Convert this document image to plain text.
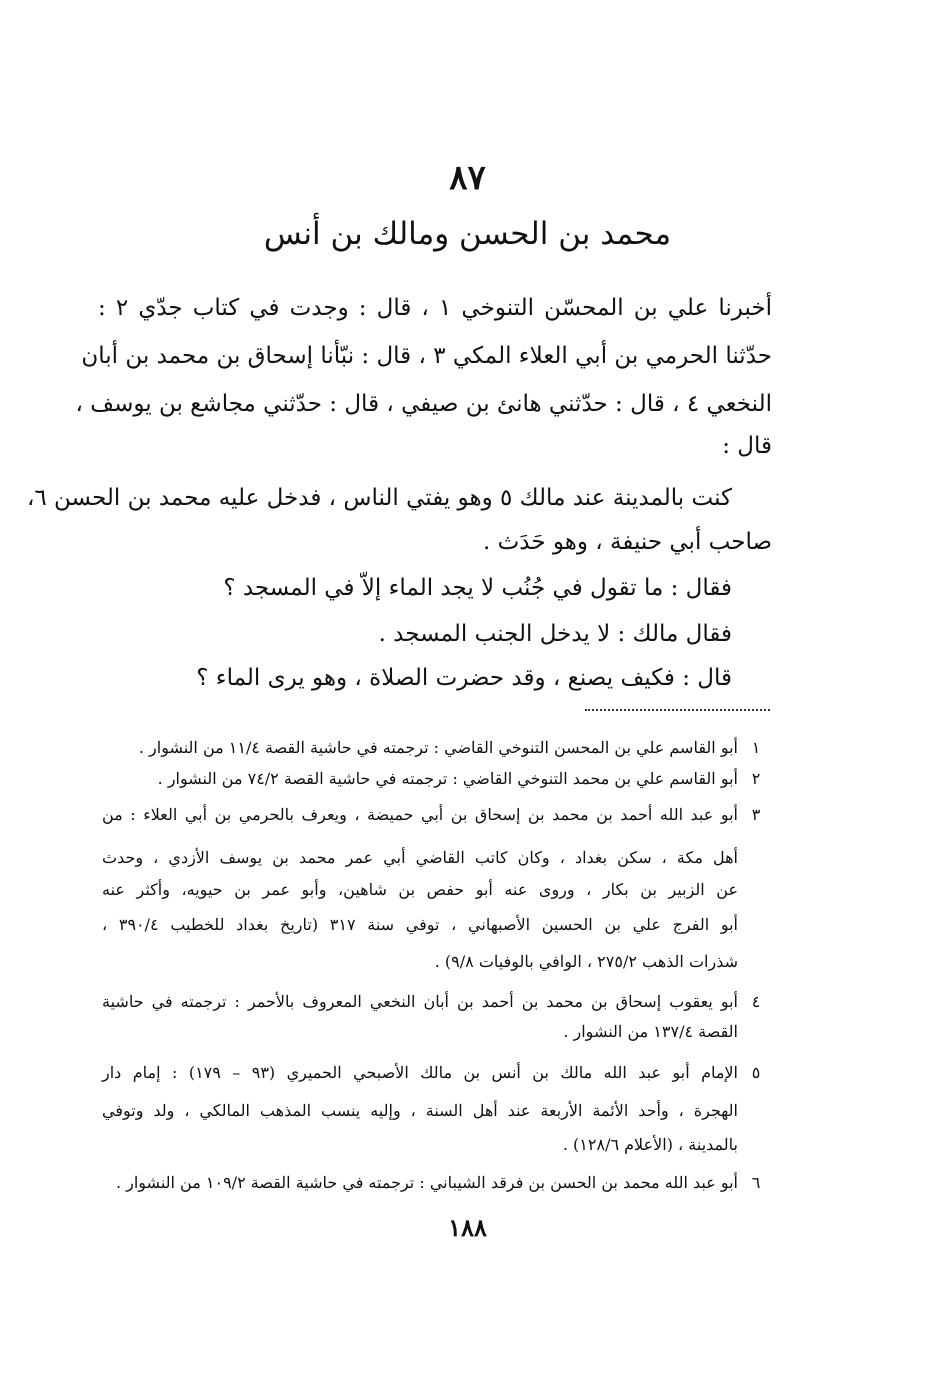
٨٧
محمد بن الحسن ومالك بن أنس
أخبرنا علي بن المحسّن التنوخي ١ ، قال : وجدت في كتاب جدّي ٢ :
حدّثنا الحرمي بن أبي العلاء المكي ٣ ، قال : نبّأنا إسحاق بن محمد بن أبان
النخعي ٤ ، قال : حدّثني هانئ بن صيفي ، قال : حدّثني مجاشع بن يوسف ،
قال :
كنت بالمدينة عند مالك ٥ وهو يفتي الناس ، فدخل عليه محمد بن الحسن ٦،
صاحب أبي حنيفة ، وهو حَدَث .
فقال : ما تقول في جُنُب لا يجد الماء إلاّ في المسجد ؟
فقال مالك : لا يدخل الجنب المسجد .
قال : فكيف يصنع ، وقد حضرت الصلاة ، وهو يرى الماء ؟
١
أبو القاسم علي بن المحسن التنوخي القاضي : ترجمته في حاشية القصة ١١/٤ من النشوار .
٢
أبو القاسم علي بن محمد التنوخي القاضي : ترجمته في حاشية القصة ٧٤/٢ من النشوار .
٣
أبو عبد الله أحمد بن محمد بن إسحاق بن أبي حميضة ، ويعرف بالحرمي بن أبي العلاء : من
أهل مكة ، سكن بغداد ، وكان كاتب القاضي أبي عمر محمد بن يوسف الأزدي ، وحدث
عن الزبير بن بكار ، وروى عنه أبو حفص بن شاهين، وأبو عمر بن حيويه، وأكثر عنه
أبو الفرج علي بن الحسين الأصبهاني ، توفي سنة ٣١٧ (تاريخ بغداد للخطيب ٣٩٠/٤ ،
شذرات الذهب ٢٧٥/٢ ، الوافي بالوفيات ٩/٨) .
٤
أبو يعقوب إسحاق بن محمد بن أحمد بن أبان النخعي المعروف بالأحمر : ترجمته في حاشية
القصة ١٣٧/٤ من النشوار .
٥
الإمام أبو عبد الله مالك بن أنس بن مالك الأصبحي الحميري (٩٣ – ١٧٩) : إمام دار
الهجرة ، وأحد الأئمة الأربعة عند أهل السنة ، وإليه ينسب المذهب المالكي ، ولد وتوفي
بالمدينة ، (الأعلام ١٢٨/٦) .
٦
أبو عبد الله محمد بن الحسن بن فرقد الشيباني : ترجمته في حاشية القصة ١٠٩/٢ من النشوار .
١٨٨
